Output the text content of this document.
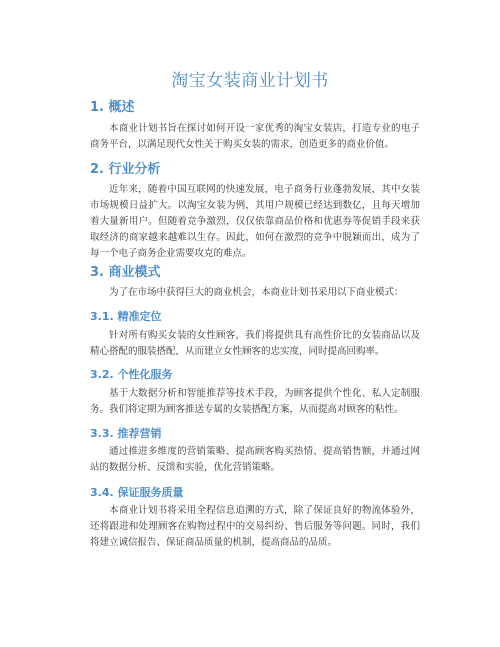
淘宝女装商业计划书
1. 概述

本商业计划书旨在探讨如何开设一家优秀的淘宝女装店，打造专业的电子商务平台，以满足现代女性关于购买女装的需求，创造更多的商业价值。

2. 行业分析

近年来，随着中国互联网的快速发展，电子商务行业蓬勃发展，其中女装市场规模日益扩大。以淘宝女装为例，其用户规模已经达到数亿，且每天增加着大量新用户。但随着竞争激烈，仅仅依靠商品价格和优惠券等促销手段来获取经济的商家越来越难以生存。因此，如何在激烈的竞争中脱颖而出，成为了每一个电子商务企业需要攻克的难点。

3. 商业模式

为了在市场中获得巨大的商业机会，本商业计划书采用以下商业模式：

3.1. 精准定位

针对所有购买女装的女性顾客，我们将提供具有高性价比的女装商品以及精心搭配的服装搭配，从而建立女性顾客的忠实度，同时提高回购率。

3.2. 个性化服务

基于大数据分析和智能推荐等技术手段，为顾客提供个性化、私人定制服务。我们将定期为顾客推送专属的女装搭配方案，从而提高对顾客的粘性。

3.3. 推荐营销

通过推进多维度的营销策略、提高顾客购买热情、提高销售额，并通过网站的数据分析、反馈和实验，优化营销策略。

3.4. 保证服务质量

本商业计划书将采用全程信息追溯的方式，除了保证良好的物流体验外，还将跟进和处理顾客在购物过程中的交易纠纷、售后服务等问题。同时，我们将建立诚信报告、保证商品质量的机制，提高商品的品质。
